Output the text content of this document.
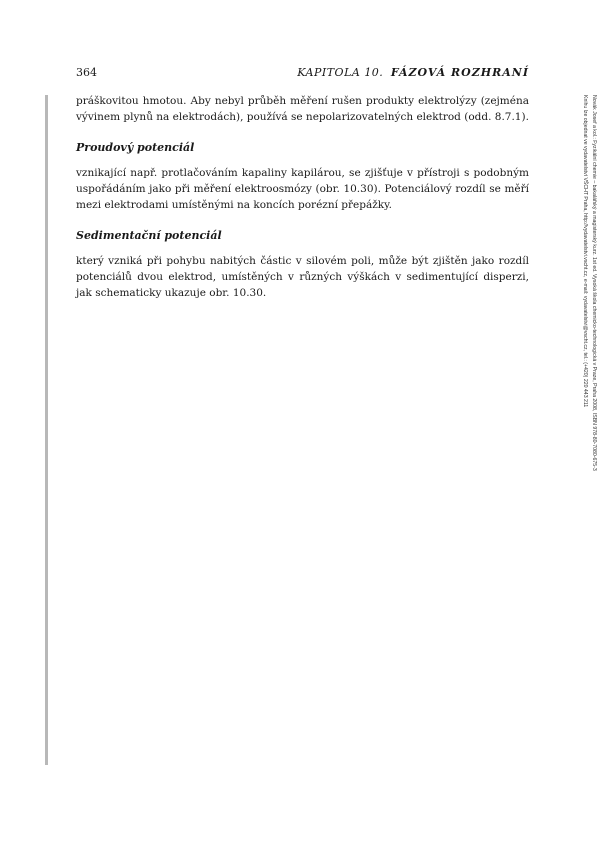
364	KAPITOLA 10. FÁZOVÁ ROZHRANÍ

práškovitou hmotou. Aby nebyl průběh měření rušen produkty elektrolýzy (zejména vývinem plynů na elektrodách), používá se nepolarizovatelných elektrod (odd. 8.7.1).

Proudový potenciál

vznikající např. protlačováním kapaliny kapilárou, se zjišťuje v přístroji s podobným uspořádáním jako při měření elektroosmózy (obr. 10.30). Potenciálový rozdíl se měří mezi elektrodami umístěnými na koncích porézní přepážky.

Sedimentační potenciál

který vzniká při pohybu nabitých částic v silovém poli, může být zjištěn jako rozdíl potenciálů dvou elektrod, umístěných v různých výškách v sedimentující disperzi, jak schematicky ukazuje obr. 10.30.	Novák Josef a kol.: Fyzikální chemie – bakalářský a magisterský kurz. 1st ed. Vysoká škola chemicko-technologická v Praze, Praha 2008, ISBN 978-80-7080-675-3
Knihu lze objednat ve vydavatelství VŠCHT Praha, http://vydavatelstvi.vscht.cz, e-mail: vydavatelstvi@vscht.cz, tel.: (+420) 220 443 211
